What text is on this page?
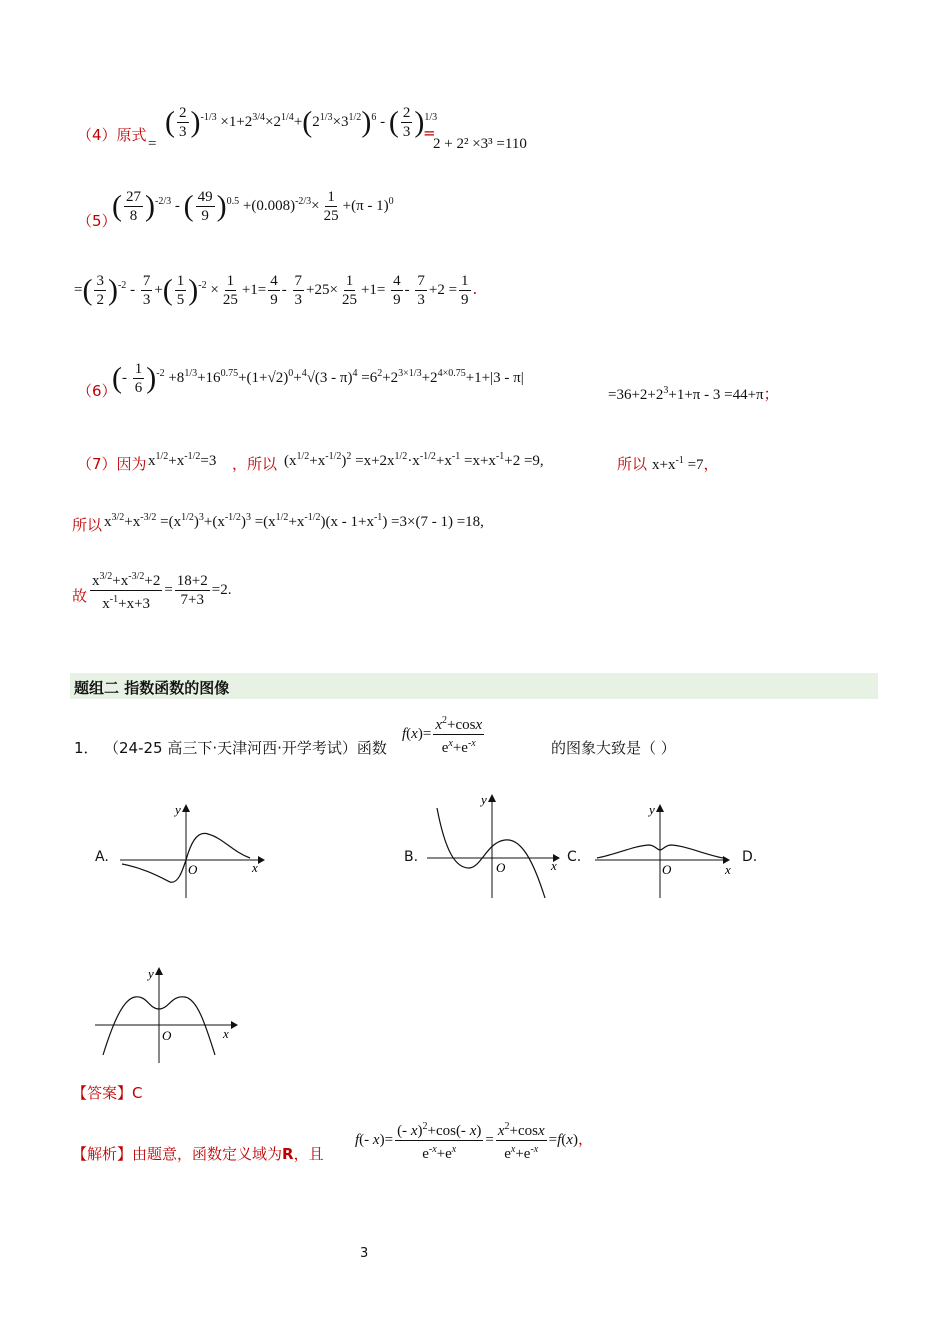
（4）原式 =
( $\frac{2}{3} )^{-1/3} \times 1+2^{3/4}\times 2^{1/4}+(2^{1/3}\times 3^{1/2})^6$ - ( $\frac{2}{3} )^{1/3}$
=
2 + 2² ×3³ =110
（5）
( $\frac{27}{8} )^{-2/3}$ - ( $\frac{49}{9} )^{0.5} +(0.008)^{-2/3}\times \frac{1}{25} +(\pi - 1)^0$
=( $\frac{3}{2} )^{-2} - \frac{7}{3}$ +( $\frac{1}{5} )^{-2} \times \frac{1}{25} +1= \frac{4}{9} - \frac{7}{3} +25\times \frac{1}{25} +1= \frac{4}{9} - \frac{7}{3} +2 = \frac{1}{9}$ .
（6）
(- $\frac{1}{6} )^{-2} +8^{1/3}+16^{0.75}+(1+√2)^0+^4√(3 - \pi)^4 =6^2+2^{3\times 1/3}+2^{4\times 0.75}+1+|3 - \pi|$
$=36+2+2^3+1+\pi - 3 =44+\pi$；
（7）因为 $x^{1/2}+x^{-1/2}=3$ ，所以 $(x^{1/2}+x^{-1/2})^2 =x+2x^{1/2}\cdot x^{-1/2}+x^{-1} =x+x^{-1}+2 =9$,	所以 $x+x^{-1} =7$，
所以 $x^{3/2}+x^{-3/2} =(x^{1/2})^3+(x^{-1/2})^3 =(x^{1/2}+x^{-1/2})(x - 1+x^{-1}) =3\times(7 - 1) =18$,
故 $\frac{x^{3/2}+x^{-3/2}+2}{x^{-1}+x+3} = \frac{18+2}{7+3} =2$.
题组二 指数函数的图像
1． （24-25 高三下·天津河西·开学考试）函数
$f(x)= \frac{x^2+\cos x}{e^x+e^{-x}}$	的图象大致是（ ）
A.
y
O	x
B.
y
O	x
C.
y
O	x
D.
y
O	x
【答案】C
【解析】由题意，函数定义域为R，且
f(- $x)= \frac{(- x)^2+\cos(- x)}{e^{-x}+e^x} = \frac{x^2+\cos x}{e^x+e^{-x}} =f(x)$，
3
